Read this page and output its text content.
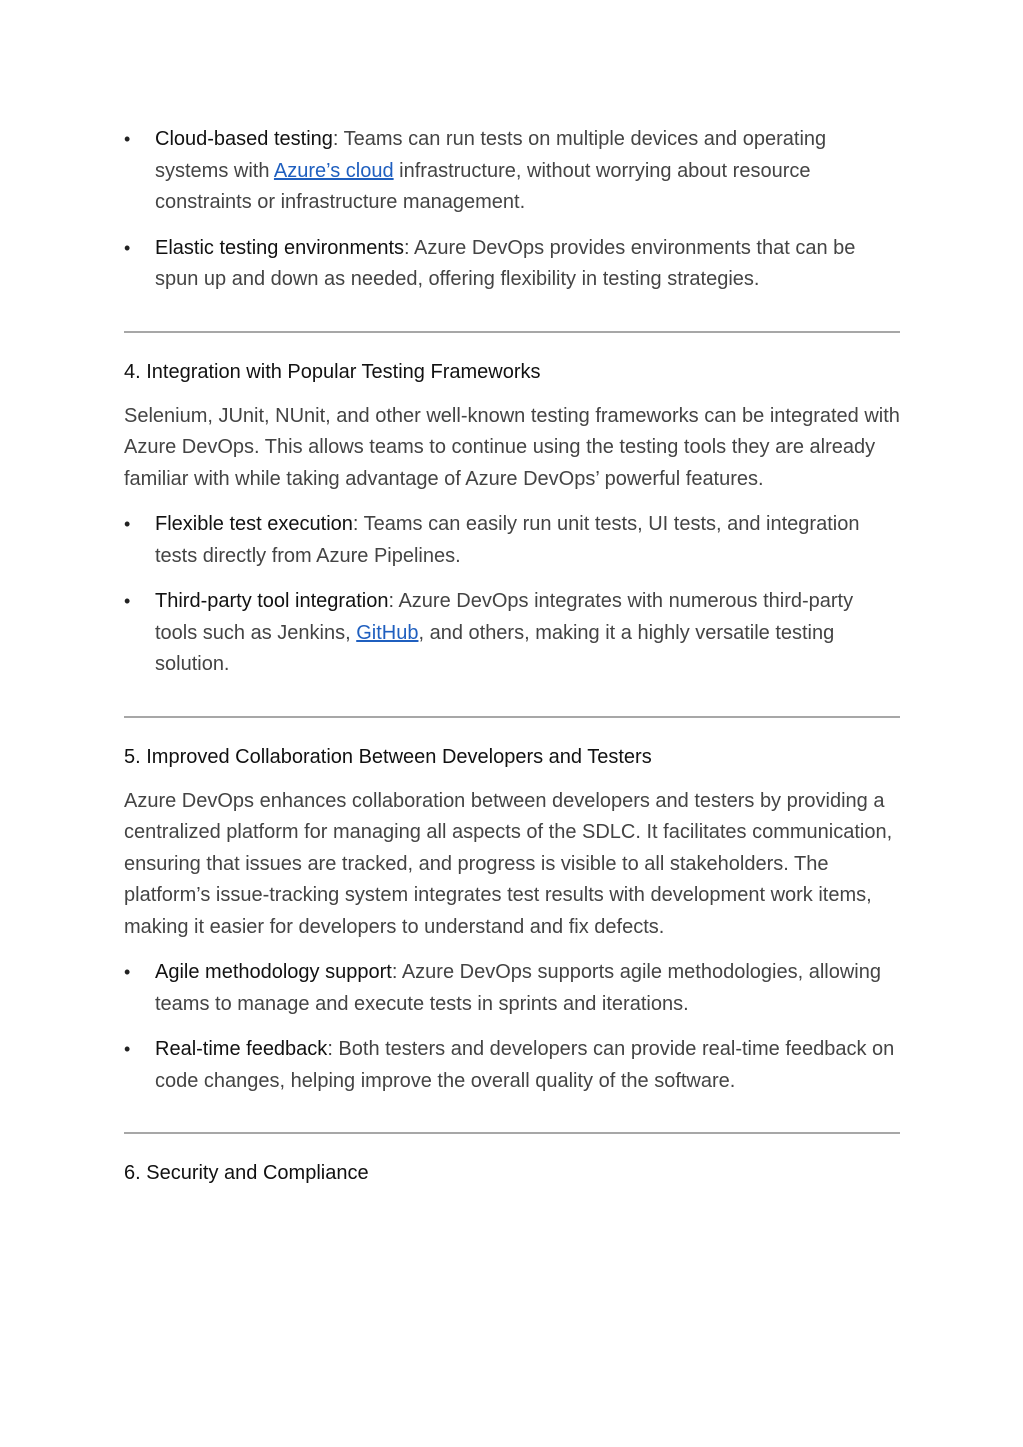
• Cloud-based testing: Teams can run tests on multiple devices and operating systems with Azure’s cloud infrastructure, without worrying about resource constraints or infrastructure management.
• Elastic testing environments: Azure DevOps provides environments that can be spun up and down as needed, offering flexibility in testing strategies.
4. Integration with Popular Testing Frameworks

Selenium, JUnit, NUnit, and other well-known testing frameworks can be integrated with Azure DevOps. This allows teams to continue using the testing tools they are already familiar with while taking advantage of Azure DevOps’ powerful features.

• Flexible test execution: Teams can easily run unit tests, UI tests, and integration tests directly from Azure Pipelines.
• Third-party tool integration: Azure DevOps integrates with numerous third-party tools such as Jenkins, GitHub, and others, making it a highly versatile testing solution.
5. Improved Collaboration Between Developers and Testers

Azure DevOps enhances collaboration between developers and testers by providing a centralized platform for managing all aspects of the SDLC. It facilitates communication, ensuring that issues are tracked, and progress is visible to all stakeholders. The platform’s issue-tracking system integrates test results with development work items, making it easier for developers to understand and fix defects.

• Agile methodology support: Azure DevOps supports agile methodologies, allowing teams to manage and execute tests in sprints and iterations.
• Real-time feedback: Both testers and developers can provide real-time feedback on code changes, helping improve the overall quality of the software.
6. Security and Compliance
